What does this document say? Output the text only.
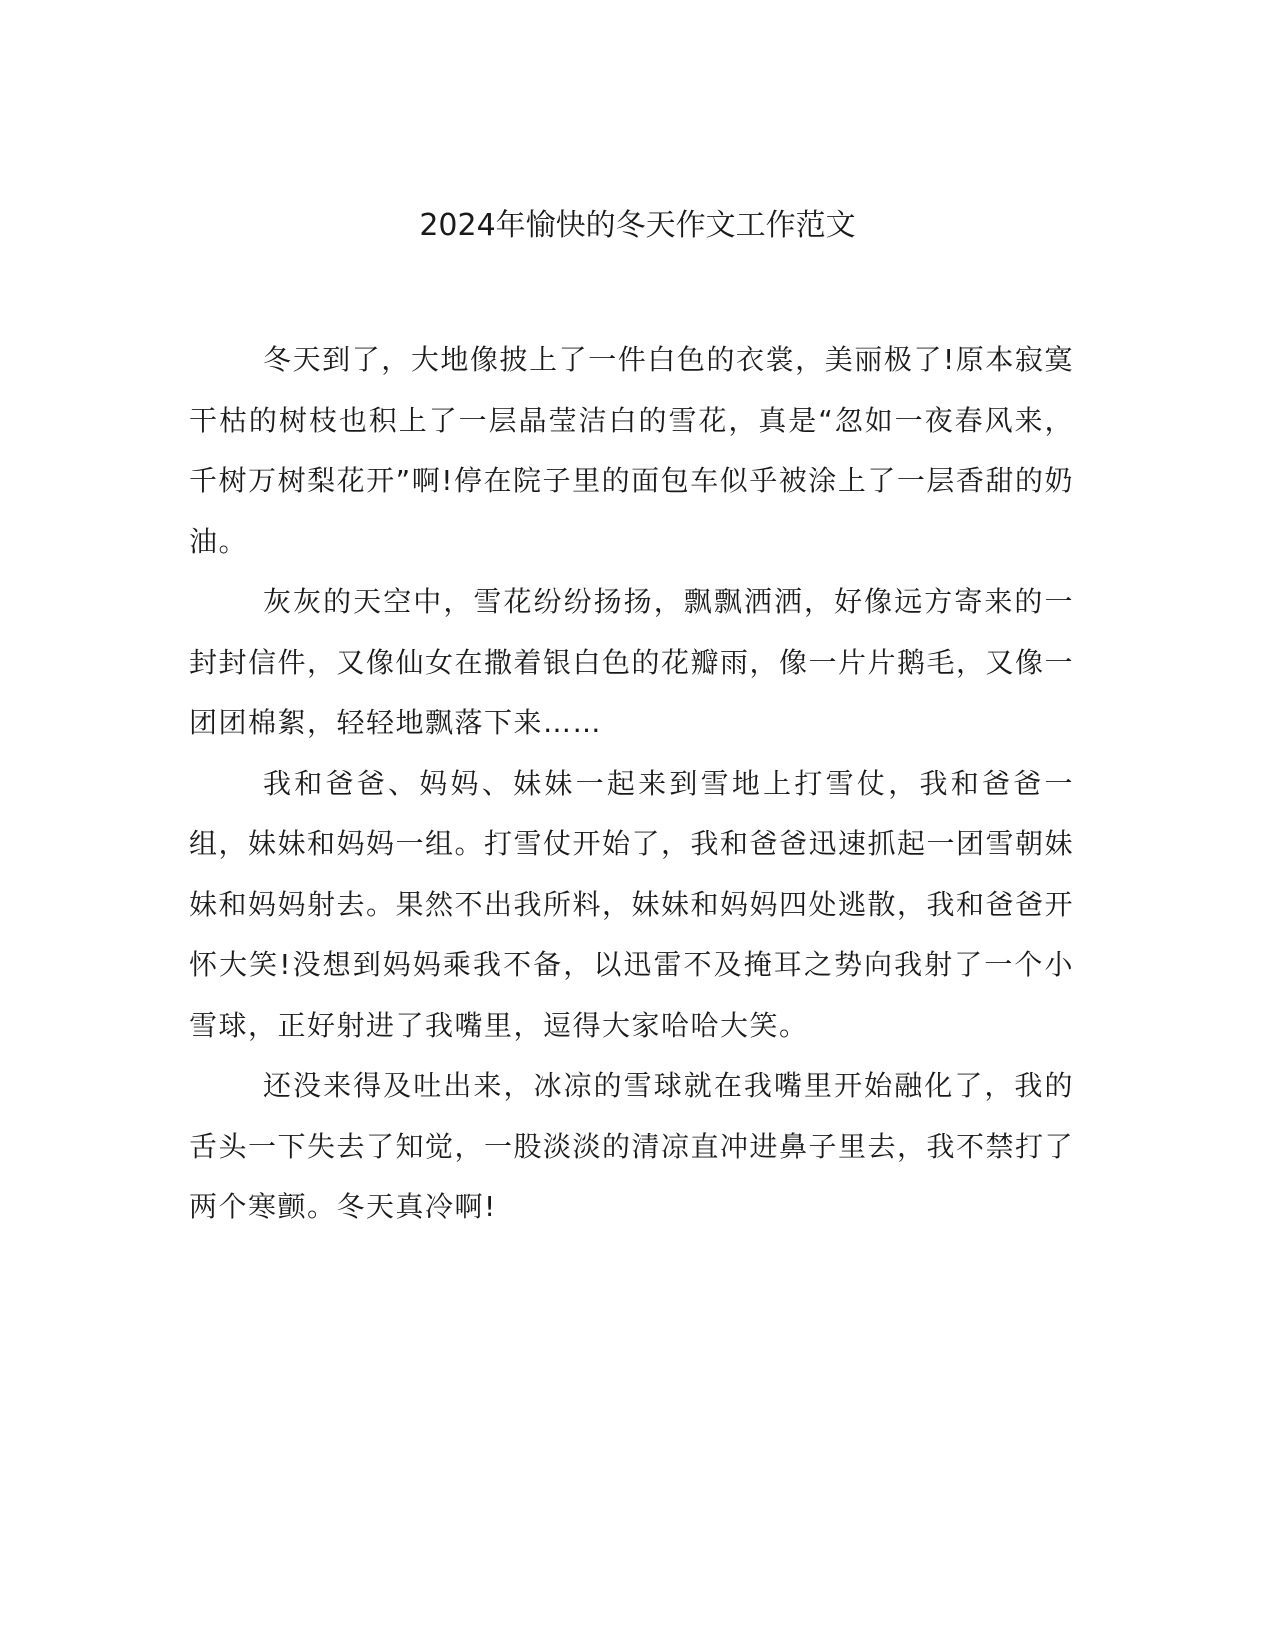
2024年愉快的冬天作文工作范文

冬天到了，大地像披上了一件白色的衣裳，美丽极了!原本寂寞干枯的树枝也积上了一层晶莹洁白的雪花，真是“忽如一夜春风来，千树万树梨花开”啊!停在院子里的面包车似乎被涂上了一层香甜的奶油。

灰灰的天空中，雪花纷纷扬扬，飘飘洒洒，好像远方寄来的一封封信件，又像仙女在撒着银白色的花瓣雨，像一片片鹅毛，又像一团团棉絮，轻轻地飘落下来……

我和爸爸、妈妈、妹妹一起来到雪地上打雪仗，我和爸爸一组，妹妹和妈妈一组。打雪仗开始了，我和爸爸迅速抓起一团雪朝妹妹和妈妈射去。果然不出我所料，妹妹和妈妈四处逃散，我和爸爸开怀大笑!没想到妈妈乘我不备，以迅雷不及掩耳之势向我射了一个小雪球，正好射进了我嘴里，逗得大家哈哈大笑。

还没来得及吐出来，冰凉的雪球就在我嘴里开始融化了，我的舌头一下失去了知觉，一股淡淡的清凉直冲进鼻子里去，我不禁打了两个寒颤。冬天真冷啊!
